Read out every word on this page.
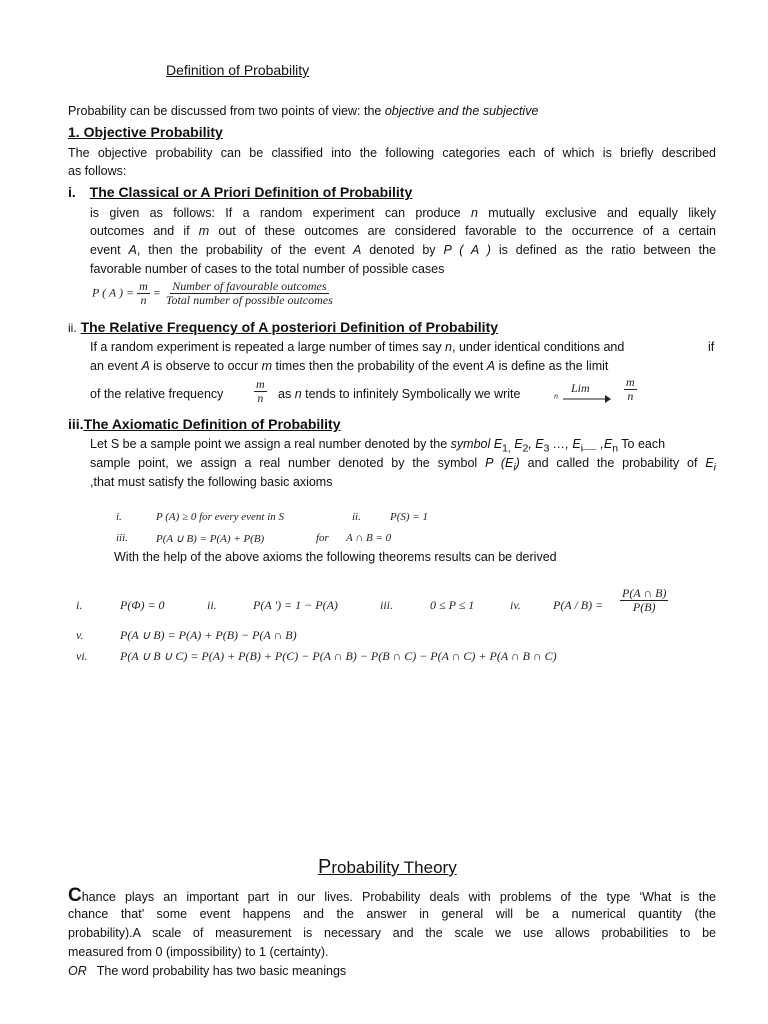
Definition of Probability
Probability can be discussed from two points of view: the objective and the subjective
1. Objective Probability
The objective probability can be classified into the following categories each of which is briefly described
as follows:
i. The Classical or A Priori Definition of Probability
is given as follows: If a random experiment can produce n mutually exclusive and equally likely
outcomes and if m out of these outcomes are considered favorable to the occurrence of a certain
event A, then the probability of the event A denoted by P ( A ) is defined as the ratio between the
favorable number of cases to the total number of possible cases
P ( A ) = $\frac{m}{n} = \frac{\text{Number of favourable outcomes}}{\text{Total number of possible outcomes}}$
ii. The Relative Frequency of A posteriori Definition of Probability
If a random experiment is repeated a large number of times say n, under identical conditions and	if
an event A is observe to occur m times then the probability of the event A is define as the limit
of the relative frequency	$\frac{m}{n}$ as n tends to infinitely Symbolically we write	$_n$
Lim
	$\frac{m}{n}$
iii.The Axiomatic Definition of Probability
Let S be a sample point we assign a real number denoted by the symbol $E_{1,}$ $E_2$, $E_3$ …, $E_i\_\_$ $,E_n$ To each
sample point, we assign a real number denoted by the symbol P $(E_i)$ and called the probability of $E_i$
,that must satisfy the following basic axioms
i.	P (A) ≥ 0 for every event in S	ii.	P(S) = 1
iii.	P(A ∪ B) = P(A) + P(B)	for A ∩ B = 0
With the help of the above axioms the following theorems results can be derived
i.	P(Φ) = 0	ii.	P(A ′) = 1 − P(A)	iii.	0 ≤ P ≤ 1	iv.	$P(A / B) = \frac{P(A \cap B)}{P(B)}$
v.	P(A ∪ B) = P(A) + P(B) − P(A ∩ B)
vi.	P(A ∪ B ∪ C) = P(A) + P(B) + P(C) − P(A ∩ B) − P(B ∩ C) − P(A ∩ C) + P(A ∩ B ∩ C)
Probability Theory
Chance plays an important part in our lives. Probability deals with problems of the type ‘What is the
chance that’ some event happens and the answer in general will be a numerical quantity (the
probability).A scale of measurement is necessary and the scale we use allows probabilities to be
measured from 0 (impossibility) to 1 (certainty).
OR The word probability has two basic meanings
